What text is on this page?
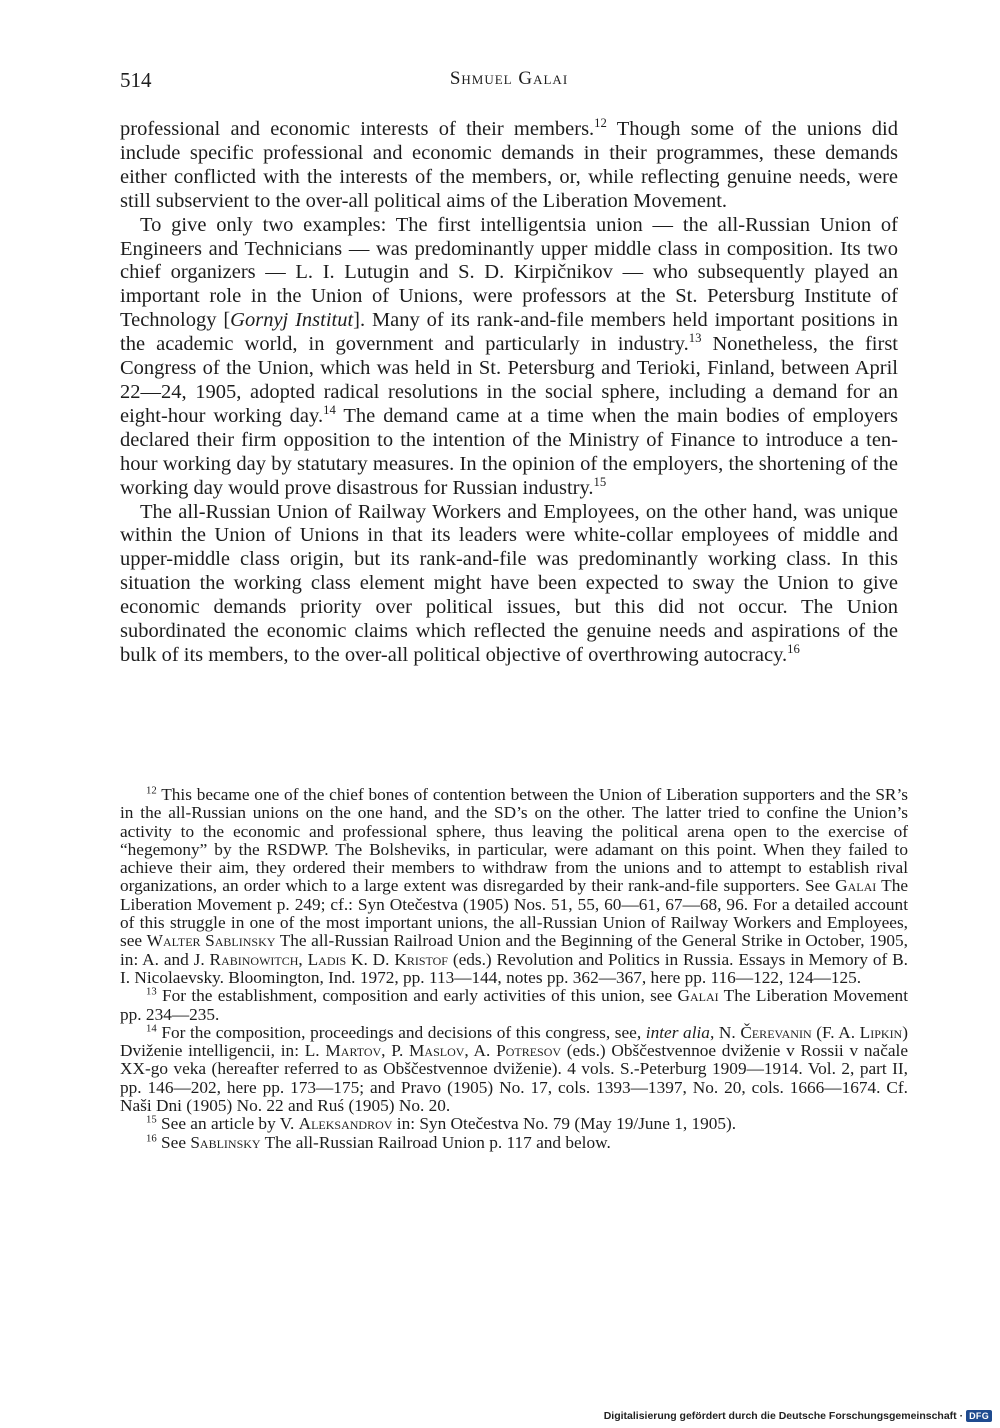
514	Shmuel Galai

professional and economic interests of their members.$^{12}$ Though some of the unions did include specific professional and economic demands in their programmes, these demands either conflicted with the interests of the members, or, while reflecting genuine needs, were still subservient to the over-all political aims of the Liberation Movement.

To give only two examples: The first intelligentsia union — the all-Russian Union of Engineers and Technicians — was predominantly upper middle class in composition. Its two chief organizers — L. I. Lutugin and S. D. Kirpičnikov — who subsequently played an important role in the Union of Unions, were professors at the St. Petersburg Institute of Technology [Gornyj Institut]. Many of its rank-and-file members held important positions in the academic world, in government and particularly in industry.$^{13}$ Nonetheless, the first Congress of the Union, which was held in St. Petersburg and Terioki, Finland, between April 22—24, 1905, adopted radical resolutions in the social sphere, including a demand for an eight-hour working day.$^{14}$ The demand came at a time when the main bodies of employers declared their firm opposition to the intention of the Ministry of Finance to introduce a ten-hour working day by statutary measures. In the opinion of the employers, the shortening of the working day would prove disastrous for Russian industry.$^{15}$

The all-Russian Union of Railway Workers and Employees, on the other hand, was unique within the Union of Unions in that its leaders were white-collar employees of middle and upper-middle class origin, but its rank-and-file was predominantly working class. In this situation the working class element might have been expected to sway the Union to give economic demands priority over political issues, but this did not occur. The Union subordinated the economic claims which reflected the genuine needs and aspirations of the bulk of its members, to the over-all political objective of overthrowing autocracy.$^{16}$

$^{12}$ This became one of the chief bones of contention between the Union of Liberation supporters and the SR’s in the all-Russian unions on the one hand, and the SD’s on the other. The latter tried to confine the Union’s activity to the economic and professional sphere, thus leaving the political arena open to the exercise of “hegemony” by the RSDWP. The Bolsheviks, in particular, were adamant on this point. When they failed to achieve their aim, they ordered their members to withdraw from the unions and to attempt to establish rival organizations, an order which to a large extent was disregarded by their rank-and-file supporters. See Galai The Liberation Movement p. 249; cf.: Syn Otečestva (1905) Nos. 51, 55, 60—61, 67—68, 96. For a detailed account of this struggle in one of the most important unions, the all-Russian Union of Railway Workers and Employees, see Walter Sablinsky The all-Russian Railroad Union and the Beginning of the General Strike in October, 1905, in: A. and J. Rabinowitch, Ladis K. D. Kristof (eds.) Revolution and Politics in Russia. Essays in Memory of B. I. Nicolaevsky. Bloomington, Ind. 1972, pp. 113—144, notes pp. 362—367, here pp. 116—122, 124—125.

$^{13}$ For the establishment, composition and early activities of this union, see Galai The Liberation Movement pp. 234—235.

$^{14}$ For the composition, proceedings and decisions of this congress, see, inter alia, N. Čerevanin (F. A. Lipkin) Dviženie intelligencii, in: L. Martov, P. Maslov, A. Potresov (eds.) Obščestvennoe dviženie v Rossii v načale XX-go veka (hereafter referred to as Obščestvennoe dviženie). 4 vols. S.-Peterburg 1909—1914. Vol. 2, part II, pp. 146—202, here pp. 173—175; and Pravo (1905) No. 17, cols. 1393—1397, No. 20, cols. 1666—1674. Cf. Naši Dni (1905) No. 22 and Ruś (1905) No. 20.

$^{15}$ See an article by V. Aleksandrov in: Syn Otečestva No. 79 (May 19/June 1, 1905).

$^{16}$ See Sablinsky The all-Russian Railroad Union p. 117 and below.

Digitalisierung gefördert durch die Deutsche Forschungsgemeinschaft · DFG
